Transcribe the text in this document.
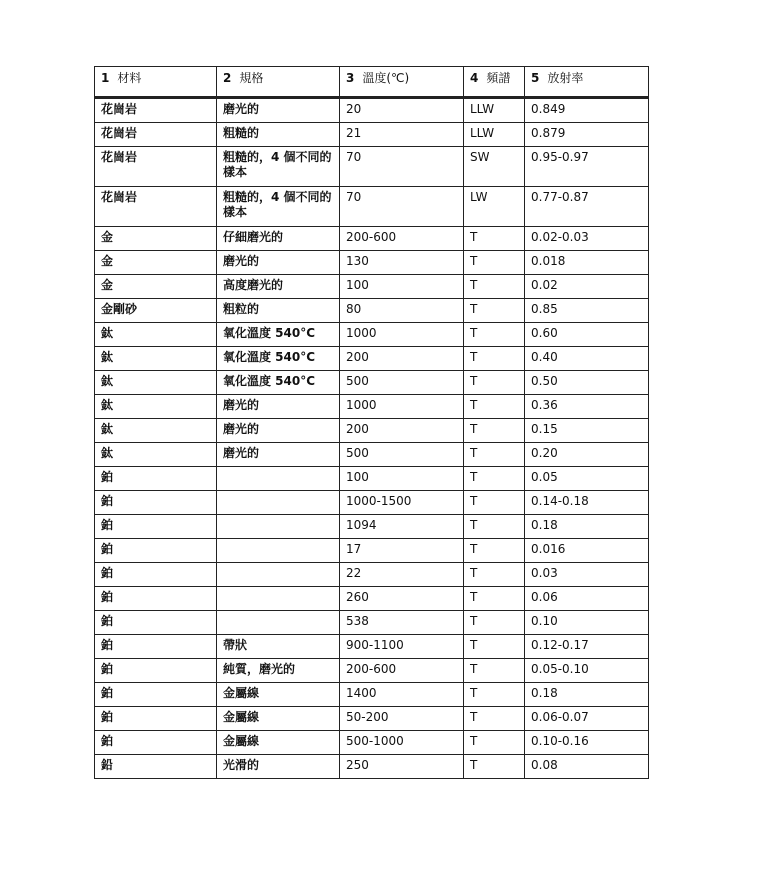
1 材料	2 規格	3 溫度(℃)	4 頻譜	5 放射率
花崗岩	磨光的	20	LLW	0.849
花崗岩	粗糙的	21	LLW	0.879
花崗岩	粗糙的，4 個不同的樣本	70	SW	0.95-0.97
花崗岩	粗糙的，4 個不同的樣本	70	LW	0.77-0.87
金	仔細磨光的	200-600	T	0.02-0.03
金	磨光的	130	T	0.018
金	高度磨光的	100	T	0.02
金剛砂	粗粒的	80	T	0.85
鈦	氧化溫度 540°C	1000	T	0.60
鈦	氧化溫度 540°C	200	T	0.40
鈦	氧化溫度 540°C	500	T	0.50
鈦	磨光的	1000	T	0.36
鈦	磨光的	200	T	0.15
鈦	磨光的	500	T	0.20
鉑		100	T	0.05
鉑		1000-1500	T	0.14-0.18
鉑		1094	T	0.18
鉑		17	T	0.016
鉑		22	T	0.03
鉑		260	T	0.06
鉑		538	T	0.10
鉑	帶狀	900-1100	T	0.12-0.17
鉑	純質，磨光的	200-600	T	0.05-0.10
鉑	金屬線	1400	T	0.18
鉑	金屬線	50-200	T	0.06-0.07
鉑	金屬線	500-1000	T	0.10-0.16
鉛	光滑的	250	T	0.08
